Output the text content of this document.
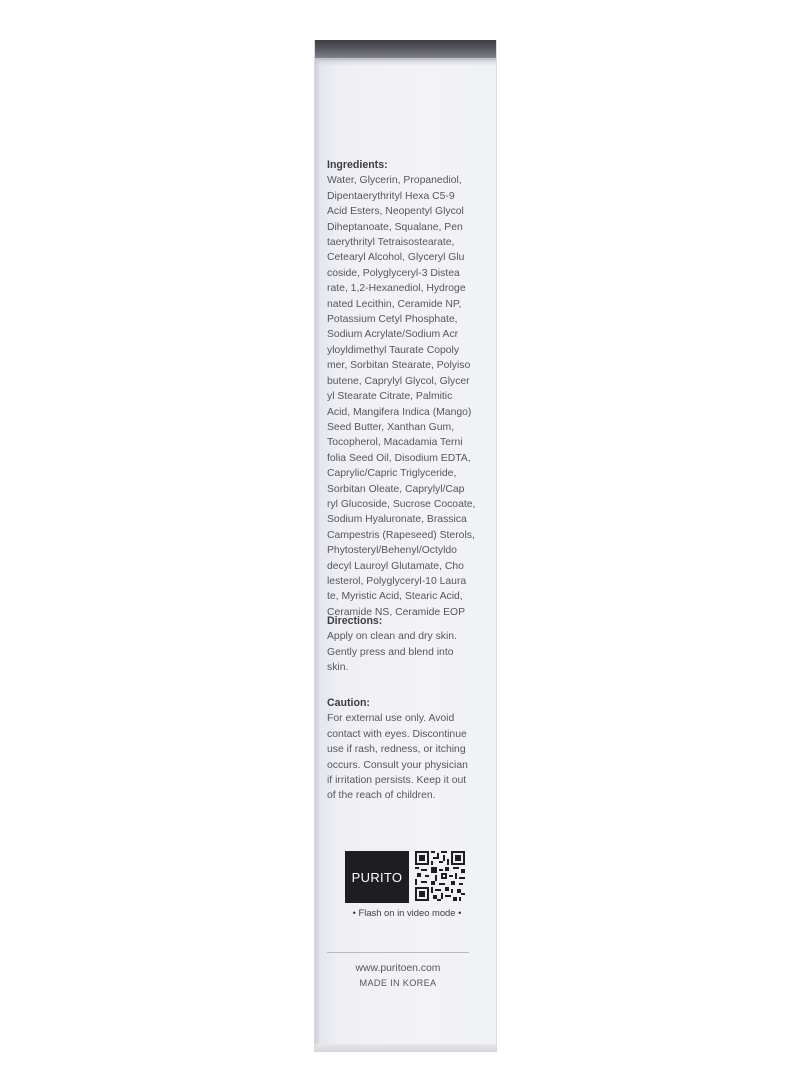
Ingredients:

Water, Glycerin, Propanediol,
Dipentaerythrityl Hexa C5-9
Acid Esters, Neopentyl Glycol
Diheptanoate, Squalane, Pen
taerythrityl Tetraisostearate,
Cetearyl Alcohol, Glyceryl Glu
coside, Polyglyceryl-3 Distea
rate, 1,2-Hexanediol, Hydroge
nated Lecithin, Ceramide NP,
Potassium Cetyl Phosphate,
Sodium Acrylate/Sodium Acr
yloyldimethyl Taurate Copoly
mer, Sorbitan Stearate, Polyiso
butene, Caprylyl Glycol, Glycer
yl Stearate Citrate, Palmitic
Acid, Mangifera Indica (Mango)
Seed Butter, Xanthan Gum,
Tocopherol, Macadamia Terni
folia Seed Oil, Disodium EDTA,
Caprylic/Capric Triglyceride,
Sorbitan Oleate, Caprylyl/Cap
ryl Glucoside, Sucrose Cocoate,
Sodium Hyaluronate, Brassica
Campestris (Rapeseed) Sterols,
Phytosteryl/Behenyl/Octyldo
decyl Lauroyl Glutamate, Cho
lesterol, Polyglyceryl-10 Laura
te, Myristic Acid, Stearic Acid,
Ceramide NS, Ceramide EOP

Directions:

Apply on clean and dry skin.
Gently press and blend into
skin.

Caution:

For external use only. Avoid
contact with eyes. Discontinue
use if rash, redness, or itching
occurs. Consult your physician
if irritation persists. Keep it out
of the reach of children.

PURITO
• Flash on in video mode •
www.puritoen.com
MADE IN KOREA
